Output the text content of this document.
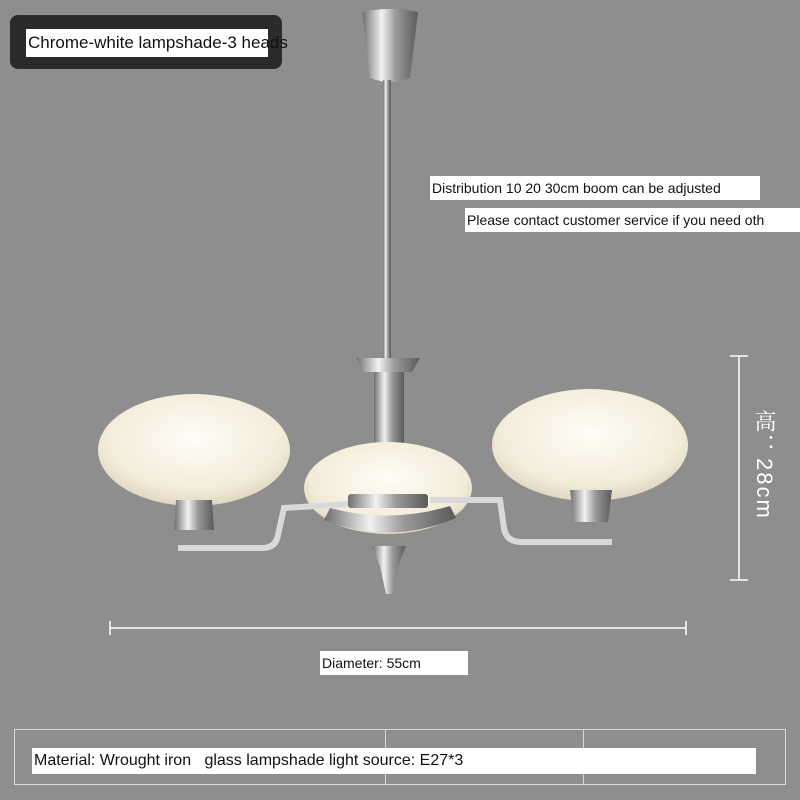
Chrome-white lampshade-3 heads
Distribution 10 20 30cm boom can be adjusted
Please contact customer service if you need oth
高：28cm
Diameter: 55cm
Material: Wrought iron   glass lampshade light source: E27*3
